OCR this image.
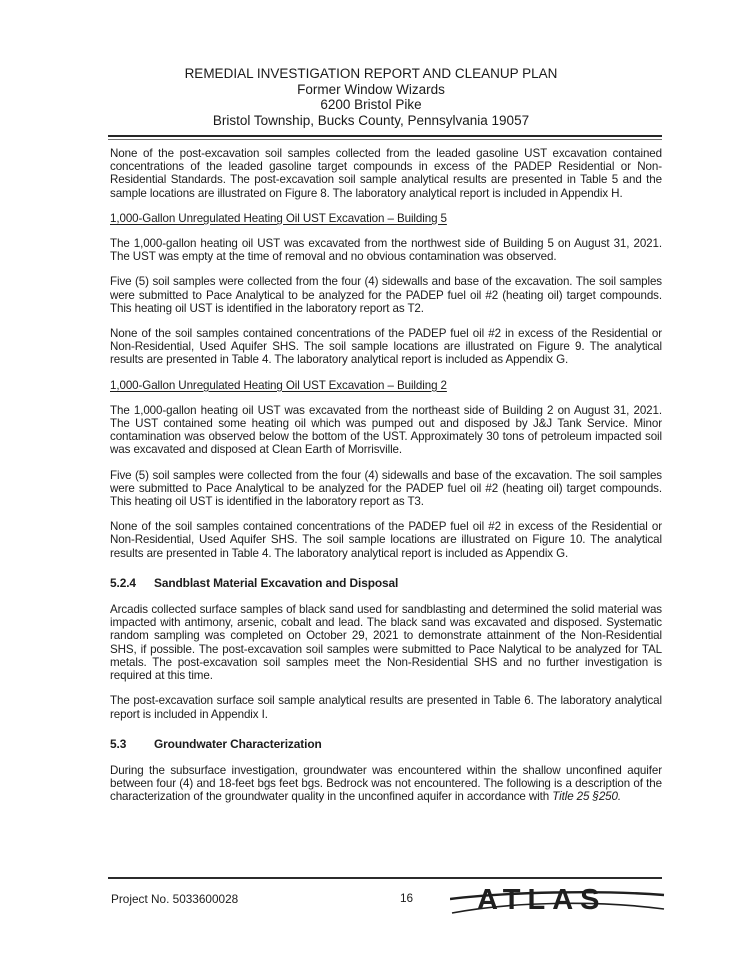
REMEDIAL INVESTIGATION REPORT AND CLEANUP PLAN
Former Window Wizards
6200 Bristol Pike
Bristol Township, Bucks County, Pennsylvania 19057

None of the post-excavation soil samples collected from the leaded gasoline UST excavation contained concentrations of the leaded gasoline target compounds in excess of the PADEP Residential or Non-Residential Standards. The post-excavation soil sample analytical results are presented in Table 5 and the sample locations are illustrated on Figure 8. The laboratory analytical report is included in Appendix H.

1,000-Gallon Unregulated Heating Oil UST Excavation – Building 5

The 1,000-gallon heating oil UST was excavated from the northwest side of Building 5 on August 31, 2021. The UST was empty at the time of removal and no obvious contamination was observed.

Five (5) soil samples were collected from the four (4) sidewalls and base of the excavation. The soil samples were submitted to Pace Analytical to be analyzed for the PADEP fuel oil #2 (heating oil) target compounds. This heating oil UST is identified in the laboratory report as T2.

None of the soil samples contained concentrations of the PADEP fuel oil #2 in excess of the Residential or Non-Residential, Used Aquifer SHS. The soil sample locations are illustrated on Figure 9. The analytical results are presented in Table 4. The laboratory analytical report is included as Appendix G.

1,000-Gallon Unregulated Heating Oil UST Excavation – Building 2

The 1,000-gallon heating oil UST was excavated from the northeast side of Building 2 on August 31, 2021. The UST contained some heating oil which was pumped out and disposed by J&J Tank Service. Minor contamination was observed below the bottom of the UST. Approximately 30 tons of petroleum impacted soil was excavated and disposed at Clean Earth of Morrisville.

Five (5) soil samples were collected from the four (4) sidewalls and base of the excavation. The soil samples were submitted to Pace Analytical to be analyzed for the PADEP fuel oil #2 (heating oil) target compounds. This heating oil UST is identified in the laboratory report as T3.

None of the soil samples contained concentrations of the PADEP fuel oil #2 in excess of the Residential or Non-Residential, Used Aquifer SHS. The soil sample locations are illustrated on Figure 10. The analytical results are presented in Table 4. The laboratory analytical report is included as Appendix G.

5.2.4 Sandblast Material Excavation and Disposal

Arcadis collected surface samples of black sand used for sandblasting and determined the solid material was impacted with antimony, arsenic, cobalt and lead. The black sand was excavated and disposed. Systematic random sampling was completed on October 29, 2021 to demonstrate attainment of the Non-Residential SHS, if possible. The post-excavation soil samples were submitted to Pace Nalytical to be analyzed for TAL metals. The post-excavation soil samples meet the Non-Residential SHS and no further investigation is required at this time.

The post-excavation surface soil sample analytical results are presented in Table 6. The laboratory analytical report is included in Appendix I.

5.3 Groundwater Characterization

During the subsurface investigation, groundwater was encountered within the shallow unconfined aquifer between four (4) and 18-feet bgs feet bgs. Bedrock was not encountered. The following is a description of the characterization of the groundwater quality in the unconfined aquifer in accordance with Title 25 §250.

Project No. 5033600028	16 ATLAS
